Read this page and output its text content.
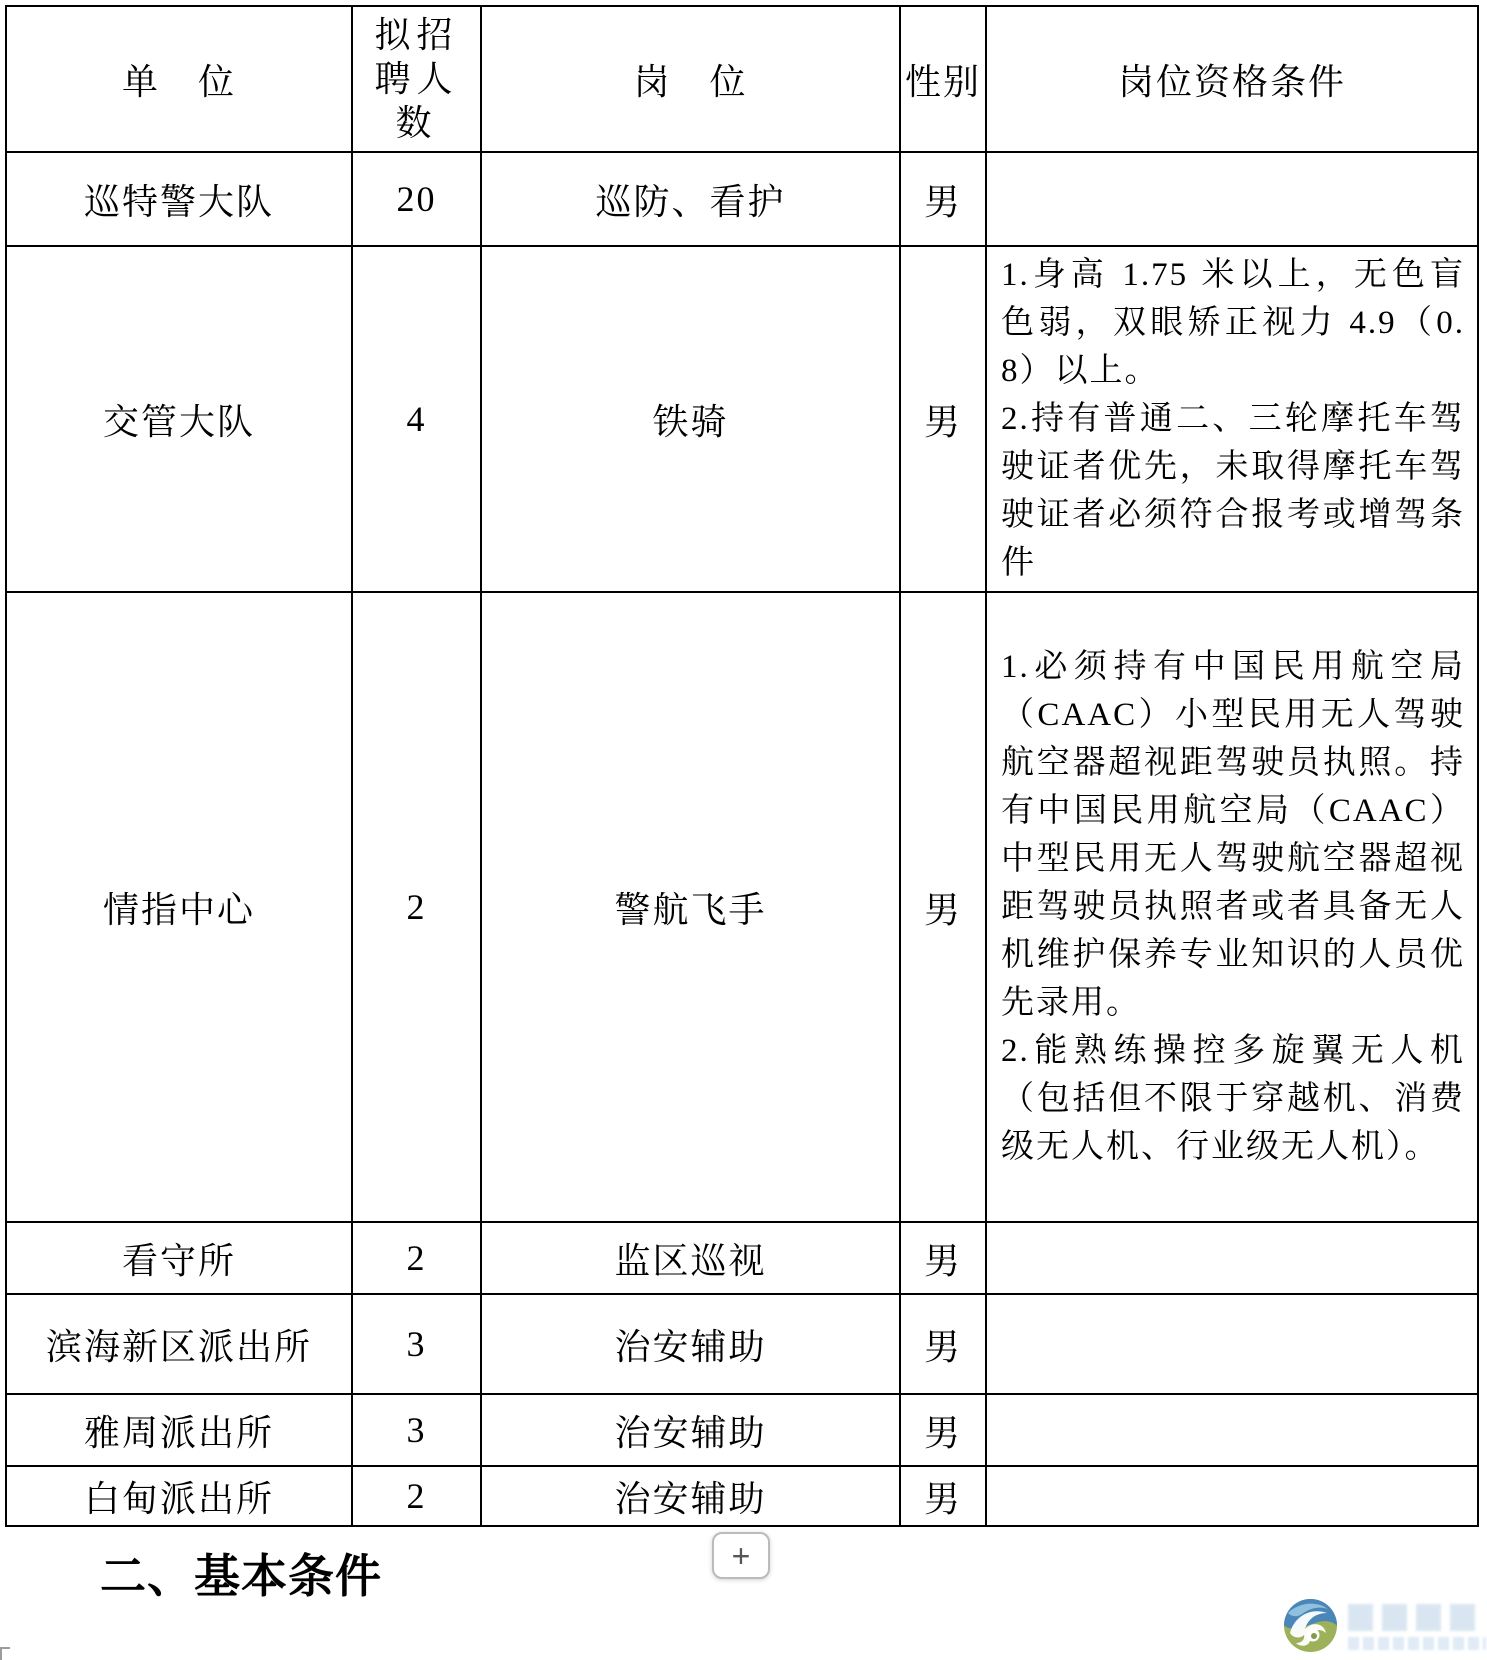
单　位	拟招聘人数	岗　位	性别	岗位资格条件
巡特警大队	20	巡防、看护	男	
交管大队	4	铁骑	男	1.身高 1.75 米以上，无色盲色弱，双眼矫正视力 4.9（0.8）以上。
2.持有普通二、三轮摩托车驾驶证者优先，未取得摩托车驾驶证者必须符合报考或增驾条件

情指中心	2	警航飞手	男	1.必须持有中国民用航空局（CAAC）小型民用无人驾驶航空器超视距驾驶员执照。持有中国民用航空局（CAAC）中型民用无人驾驶航空器超视距驾驶员执照者或者具备无人机维护保养专业知识的人员优先录用。
2.能熟练操控多旋翼无人机（包括但不限于穿越机、消费级无人机、行业级无人机）。

看守所	2	监区巡视	男	
滨海新区派出所	3	治安辅助	男	
雅周派出所	3	治安辅助	男	
白甸派出所	2	治安辅助	男	
二、基本条件	+
